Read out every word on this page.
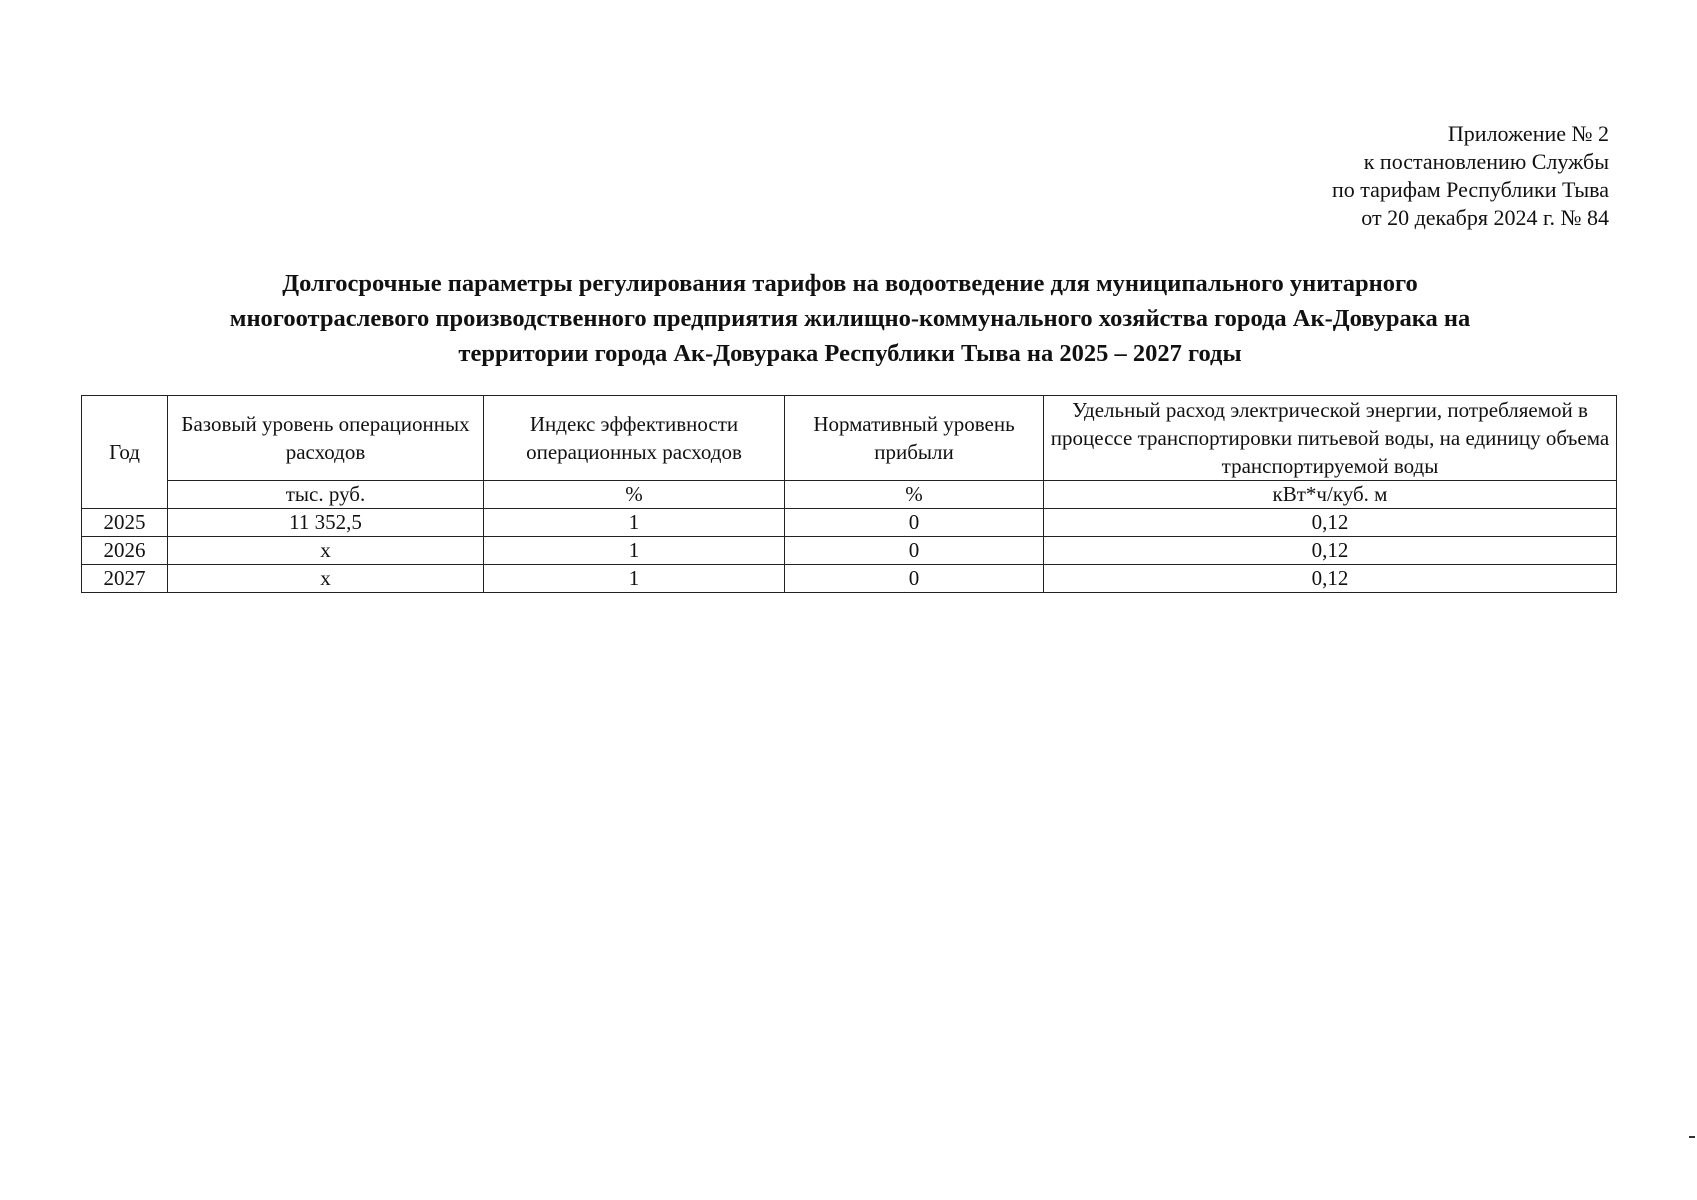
Приложение № 2
к постановлению Службы
по тарифам Республики Тыва
от 20 декабря 2024 г. № 84
Долгосрочные параметры регулирования тарифов на водоотведение для муниципального унитарного
многоотраслевого производственного предприятия жилищно-коммунального хозяйства города Ак-Довурака на
территории города Ак-Довурака Республики Тыва на 2025 – 2027 годы
Год	Базовый уровень операционных расходов	Индекс эффективности операционных расходов	Нормативный уровень прибыли	Удельный расход электрической энергии, потребляемой в процессе транспортировки питьевой воды, на единицу объема транспортируемой воды
	тыс. руб.	%	%	кВт*ч/куб. м
2025	11 352,5	1	0	0,12
2026	х	1	0	0,12
2027	х	1	0	0,12
